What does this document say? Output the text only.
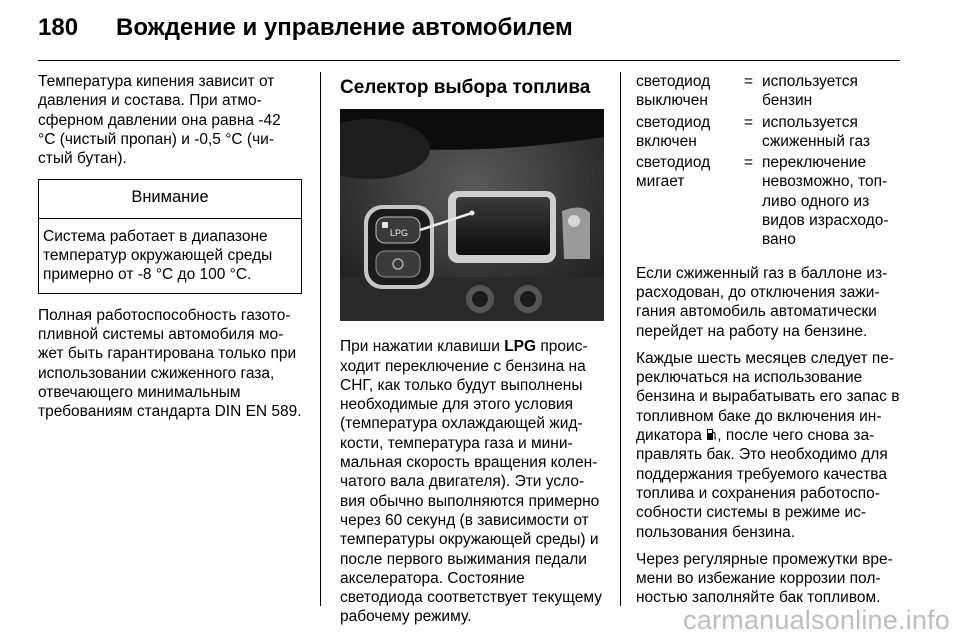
180 Вождение и управление автомобилем

Температура кипения зависит от давления и состава. При атмосферном давлении она равна -42 °C (чистый пропан) и -0,5 °C (чистый бутан).

Внимание
Система работает в диапазоне температур окружающей среды примерно от -8 °C до 100 °C.

Полная работоспособность газотопливной системы автомобиля может быть гарантирована только при использовании сжиженного газа, отвечающего минимальным требованиям стандарта DIN EN 589.

Селектор выбора топлива
LPG

При нажатии клавиши LPG происходит переключение с бензина на СНГ, как только будут выполнены необходимые для этого условия (температура охлаждающей жидкости, температура газа и минимальная скорость вращения коленчатого вала двигателя). Эти условия обычно выполняются примерно через 60 секунд (в зависимости от температуры окружающей среды) и после первого выжимания педали акселератора. Состояние светодиода соответствует текущему рабочему режиму.

светодиод выключен	=	используется бензин
светодиод включен	=	используется сжиженный газ
светодиод мигает	=	переключение невозможно, топливо одного из видов израсходовано

Если сжиженный газ в баллоне израсходован, до отключения зажигания автомобиль автоматически перейдет на работу на бензине.

Каждые шесть месяцев следует переключаться на использование бензина и вырабатывать его запас в топливном баке до включения индикатора , после чего снова заправлять бак. Это необходимо для поддержания требуемого качества топлива и сохранения работоспособности системы в режиме использования бензина.

Через регулярные промежутки времени во избежание коррозии полностью заполняйте бак топливом.

carmanualsonline.info
